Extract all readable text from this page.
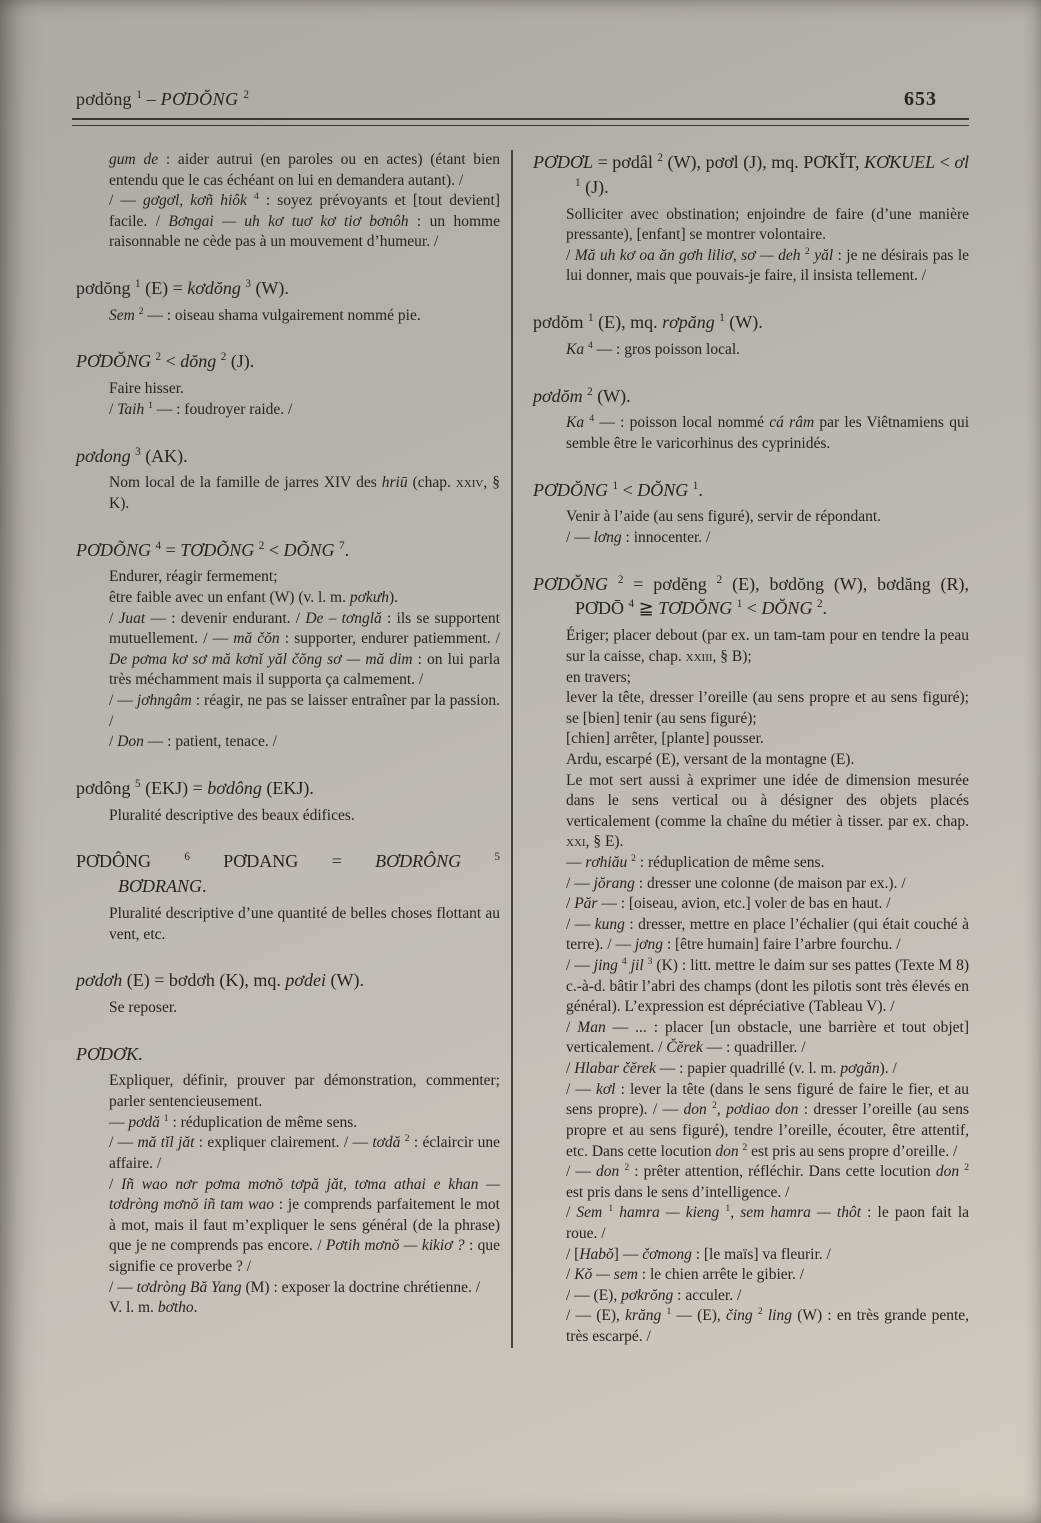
pơdŏng $^1$ – PƠDŎNG $^2$	653

gum de : aider autrui (en paroles ou en actes) (étant bien entendu que le cas échéant on lui en demandera autant). /

/ — gơgơl, kơñ hiôk $^4$ : soyez prévoyants et [tout devient] facile. / Bơngai — uh kơ tuơ kơ tiơ bơnôh : un homme raisonnable ne cède pas à un mouvement d’humeur. /

pơdŏng $^1$ (E) = kơdŏng $^3$ (W).

Sem $^2$ — : oiseau shama vulgairement nommé pie.

PƠDŎNG $^2$ < dŏng $^2$ (J).

Faire hisser.

/ Taih $^1$ — : foudroyer raide. /

pơdong $^3$ (AK).

Nom local de la famille de jarres XIV des hriū (chap. xxiv, § K).

PƠDÕNG $^4$ = TƠDÕNG $^2$ < DÕNG $^7$.

Endurer, réagir fermement;

être faible avec un enfant (W) (v. l. m. pơkưh).

/ Juat — : devenir endurant. / De – tơnglă : ils se supportent mutuellement. / — mă čŏn : supporter, endurer patiemment. / De pơma kơ sơ mă kơnǐ yăl čŏng sơ — mă dim : on lui parla très méchamment mais il supporta ça calmement. /

/ — jơhngâm : réagir, ne pas se laisser entraîner par la passion. /

/ Don — : patient, tenace. /

pơdông $^5$ (EKJ) = bơdông (EKJ).

Pluralité descriptive des beaux édifices.

PƠDÔNG $^6$ PƠDANG = BƠDRÔNG	$^5$ BƠDRANG.

Pluralité descriptive d’une quantité de belles choses flottant au vent, etc.

pơdơh (E) = bơdơh (K), mq. pơdei (W).

Se reposer.

PƠDƠK.

Expliquer, définir, prouver par démonstration, commenter; parler sentencieusement.

— pơdă $^1$ : réduplication de même sens.

/ — mă tǐl jăt : expliquer clairement. / — tơdă $^2$ : éclaircir une affaire. /

/ Iñ wao nơr pơma mơnŏ tơpă jăt, tơma athai e khan — tơdròng mơnŏ iñ tam wao : je comprends parfaitement le mot à mot, mais il faut m’expliquer le sens général (de la phrase) que je ne comprends pas encore. / Pơtih mơnŏ — kikiơ ? : que signifie ce proverbe ? /

/ — tơdròng Bă Yang (M) : exposer la doctrine chrétienne. /

V. l. m. bơtho.

PƠDƠL = pơdâl $^2$ (W), pơơl (J), mq. PƠKĬT, KƠKUEL < ơl $^1$ (J).

Solliciter avec obstination; enjoindre de faire (d’une manière pressante), [enfant] se montrer volontaire.

/ Mă uh kơ oa ăn gơh liliơ, sơ — deh $^2$ yăl : je ne désirais pas le lui donner, mais que pouvais-je faire, il insista tellement. /

pơdŏm $^1$ (E), mq. rơpăng $^1$ (W).

Ka $^4$ — : gros poisson local.

pơdŏm $^2$ (W).

Ka $^4$ — : poisson local nommé cá râm par les Viêtnamiens qui semble être le varicorhinus des cyprinidés.

PƠDŎNG $^1$ < DŎNG $^1$.

Venir à l’aide (au sens figuré), servir de répondant.

/ — lơng : innocenter. /

PƠDŎNG $^2$ = pơdĕng $^2$ (E), bơdŏng (W), bơdăng (R), PƠDŌ $^4$ ≧ TƠDŎNG $^1$ < DŎNG $^2$.

Ériger; placer debout (par ex. un tam-tam pour en tendre la peau sur la caisse, chap. xxiii, § B);

en travers;

lever la tête, dresser l’oreille (au sens propre et au sens figuré); se [bien] tenir (au sens figuré);

[chien] arrêter, [plante] pousser.

Ardu, escarpé (E), versant de la montagne (E).

Le mot sert aussi à exprimer une idée de dimension mesurée dans le sens vertical ou à désigner des objets placés verticalement (comme la chaîne du métier à tisser. par ex. chap. xxi, § E).

— rơhiău $^2$ : réduplication de même sens.

/ — jŏrang : dresser une colonne (de maison par ex.). /

/ Păr — : [oiseau, avion, etc.] voler de bas en haut. /

/ — kung : dresser, mettre en place l’échalier (qui était couché à terre). / — jơng : [être humain] faire l’arbre fourchu. /

/ — jing $^4$ jil $^3$ (K) : litt. mettre le daim sur ses pattes (Texte M 8) c.-à-d. bâtir l’abri des champs (dont les pilotis sont très élevés en général). L’expression est dépréciative (Tableau V). /

/ Man — ... : placer [un obstacle, une barrière et tout objet] verticalement. / Čĕrek — : quadriller. /

/ Hlabar čĕrek — : papier quadrillé (v. l. m. pơgăn). /

/ — kơl : lever la tête (dans le sens figuré de faire le fier, et au sens propre). / — don $^2$, pơdiao don : dresser l’oreille (au sens propre et au sens figuré), tendre l’oreille, écouter, être attentif, etc. Dans cette locution don $^2$ est pris au sens propre d’oreille. /

/ — don $^2$ : prêter attention, réfléchir. Dans cette locution don $^2$ est pris dans le sens d’intelligence. /

/ Sem $^1$ hamra — kieng $^1$, sem hamra — thôt : le paon fait la roue. /

/ [Habŏ] — čơmong : [le maïs] va fleurir. /

/ Kŏ — sem : le chien arrête le gibier. /

/ — (E), pơkrŏng : acculer. /

/ — (E), krăng $^1$ — (E), čing $^2$ ling (W) : en très grande pente, très escarpé. /
